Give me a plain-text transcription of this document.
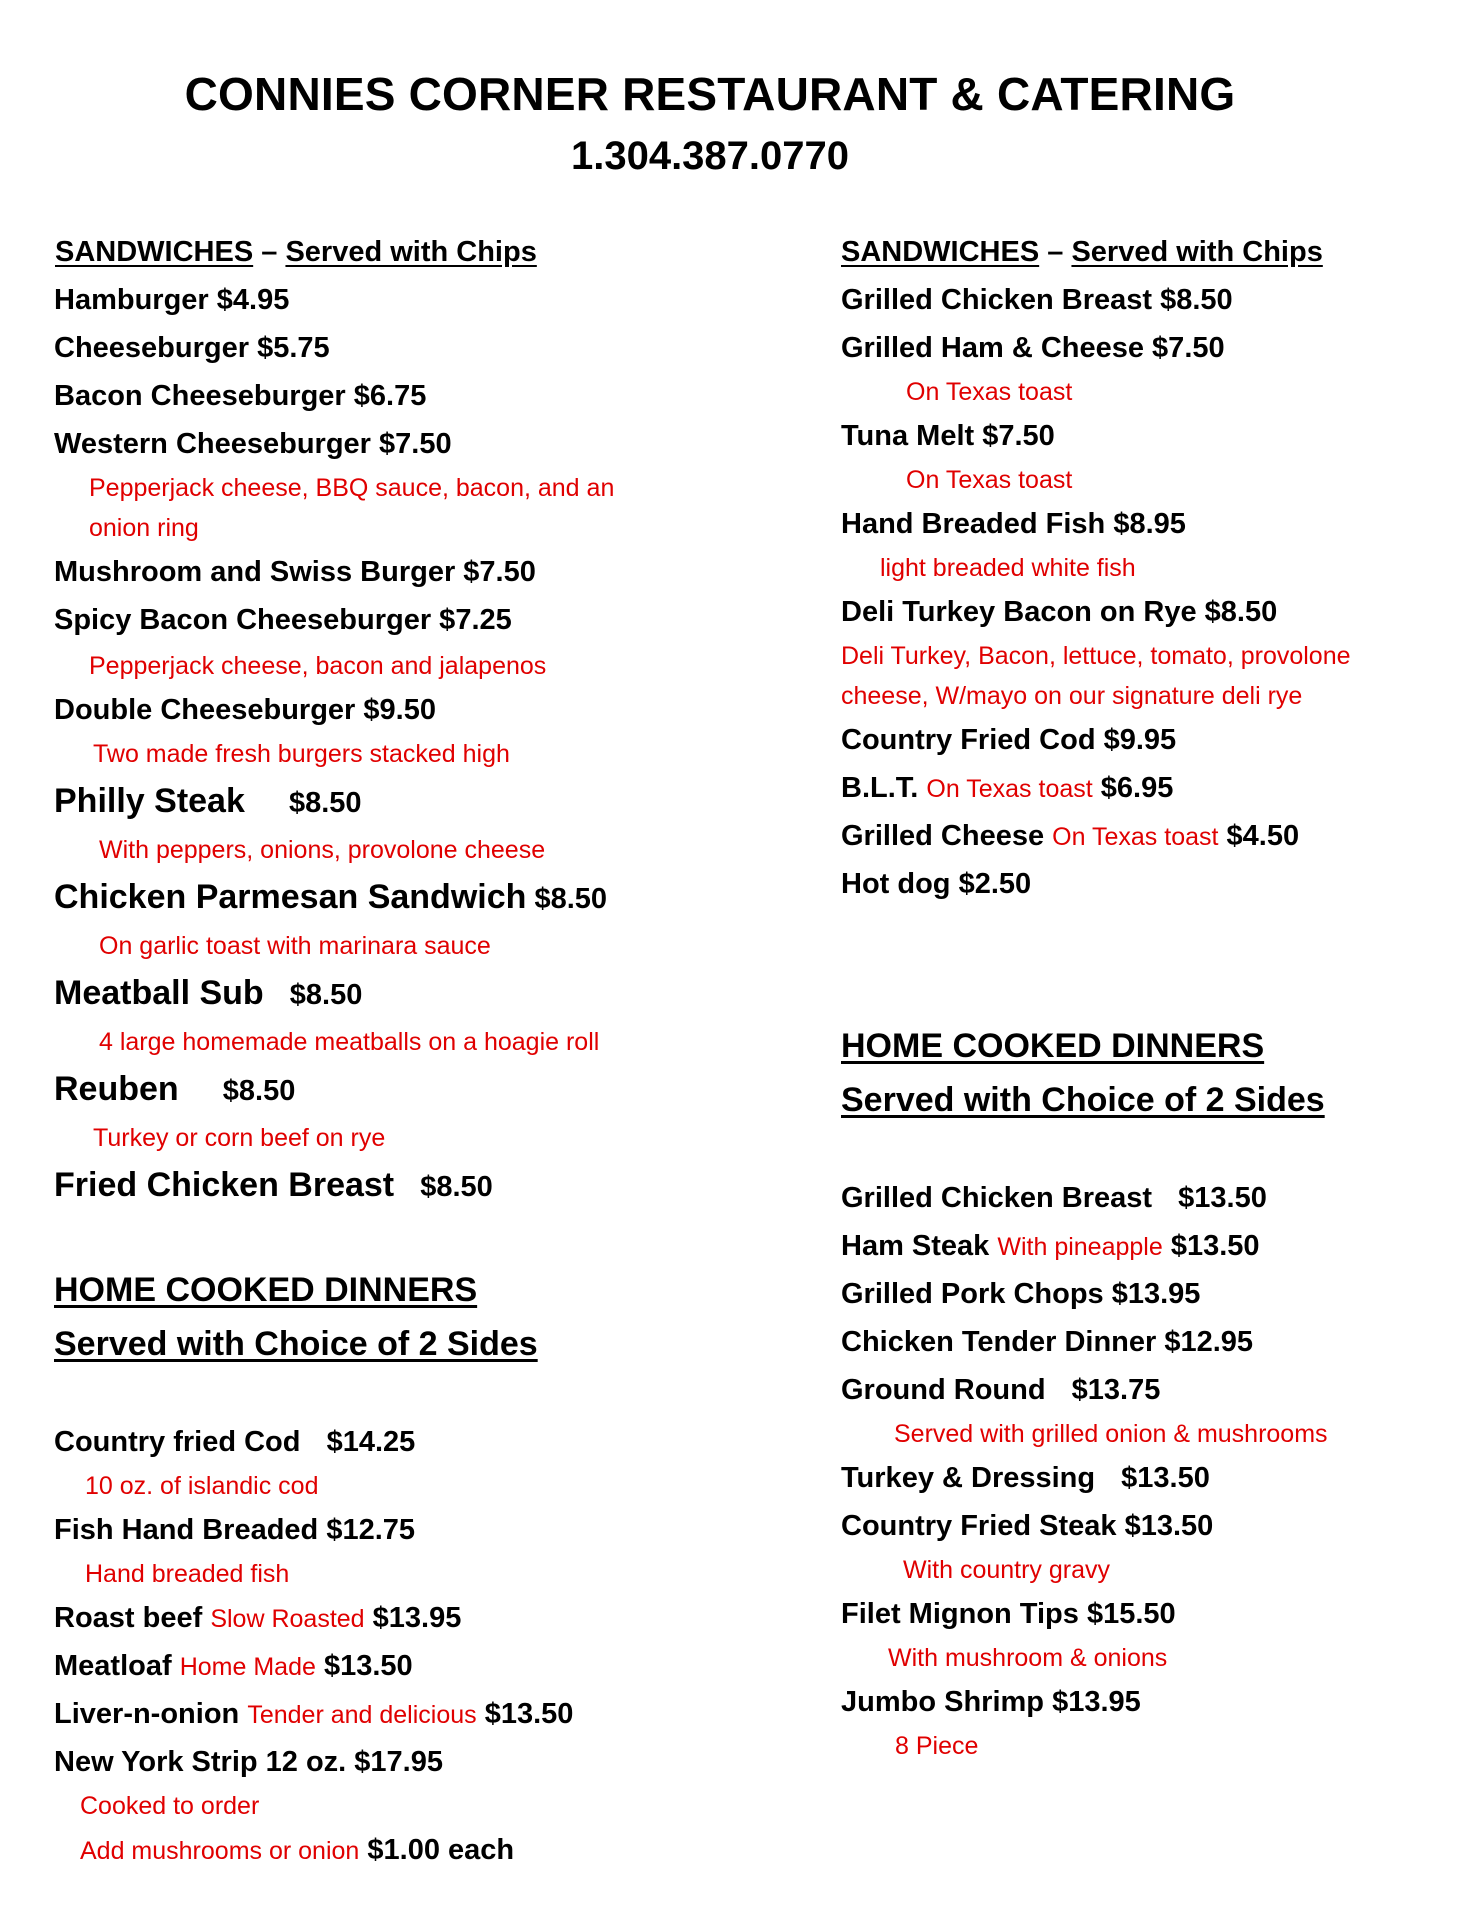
CONNIES CORNER RESTAURANT & CATERING
1.304.387.0770
SANDWICHES – Served with Chips
Hamburger $4.95
Cheeseburger $5.75
Bacon Cheeseburger $6.75
Western Cheeseburger $7.50
Pepperjack cheese, BBQ sauce, bacon, and an
onion ring
Mushroom and Swiss Burger $7.50
Spicy Bacon Cheeseburger $7.25
Pepperjack cheese, bacon and jalapenos
Double Cheeseburger $9.50
Two made fresh burgers stacked high
Philly Steak $8.50
With peppers, onions, provolone cheese
Chicken Parmesan Sandwich $8.50
On garlic toast with marinara sauce
Meatball Sub $8.50
4 large homemade meatballs on a hoagie roll
Reuben $8.50
Turkey or corn beef on rye
Fried Chicken Breast $8.50
HOME COOKED DINNERS
Served with Choice of 2 Sides
Country fried Cod $14.25
10 oz. of islandic cod
Fish Hand Breaded $12.75
Hand breaded fish
Roast beef Slow Roasted $13.95
Meatloaf Home Made $13.50
Liver-n-onion Tender and delicious $13.50
New York Strip 12 oz. $17.95
Cooked to order
Add mushrooms or onion $1.00 each
SANDWICHES – Served with Chips
Grilled Chicken Breast $8.50
Grilled Ham & Cheese $7.50
On Texas toast
Tuna Melt $7.50
On Texas toast
Hand Breaded Fish $8.95
light breaded white fish
Deli Turkey Bacon on Rye $8.50
Deli Turkey, Bacon, lettuce, tomato, provolone
cheese, W/mayo on our signature deli rye
Country Fried Cod $9.95
B.L.T. On Texas toast $6.95
Grilled Cheese On Texas toast $4.50
Hot dog $2.50
HOME COOKED DINNERS
Served with Choice of 2 Sides
Grilled Chicken Breast $13.50
Ham Steak With pineapple $13.50
Grilled Pork Chops $13.95
Chicken Tender Dinner $12.95
Ground Round $13.75
Served with grilled onion & mushrooms
Turkey & Dressing $13.50
Country Fried Steak $13.50
With country gravy
Filet Mignon Tips $15.50
With mushroom & onions
Jumbo Shrimp $13.95
8 Piece
